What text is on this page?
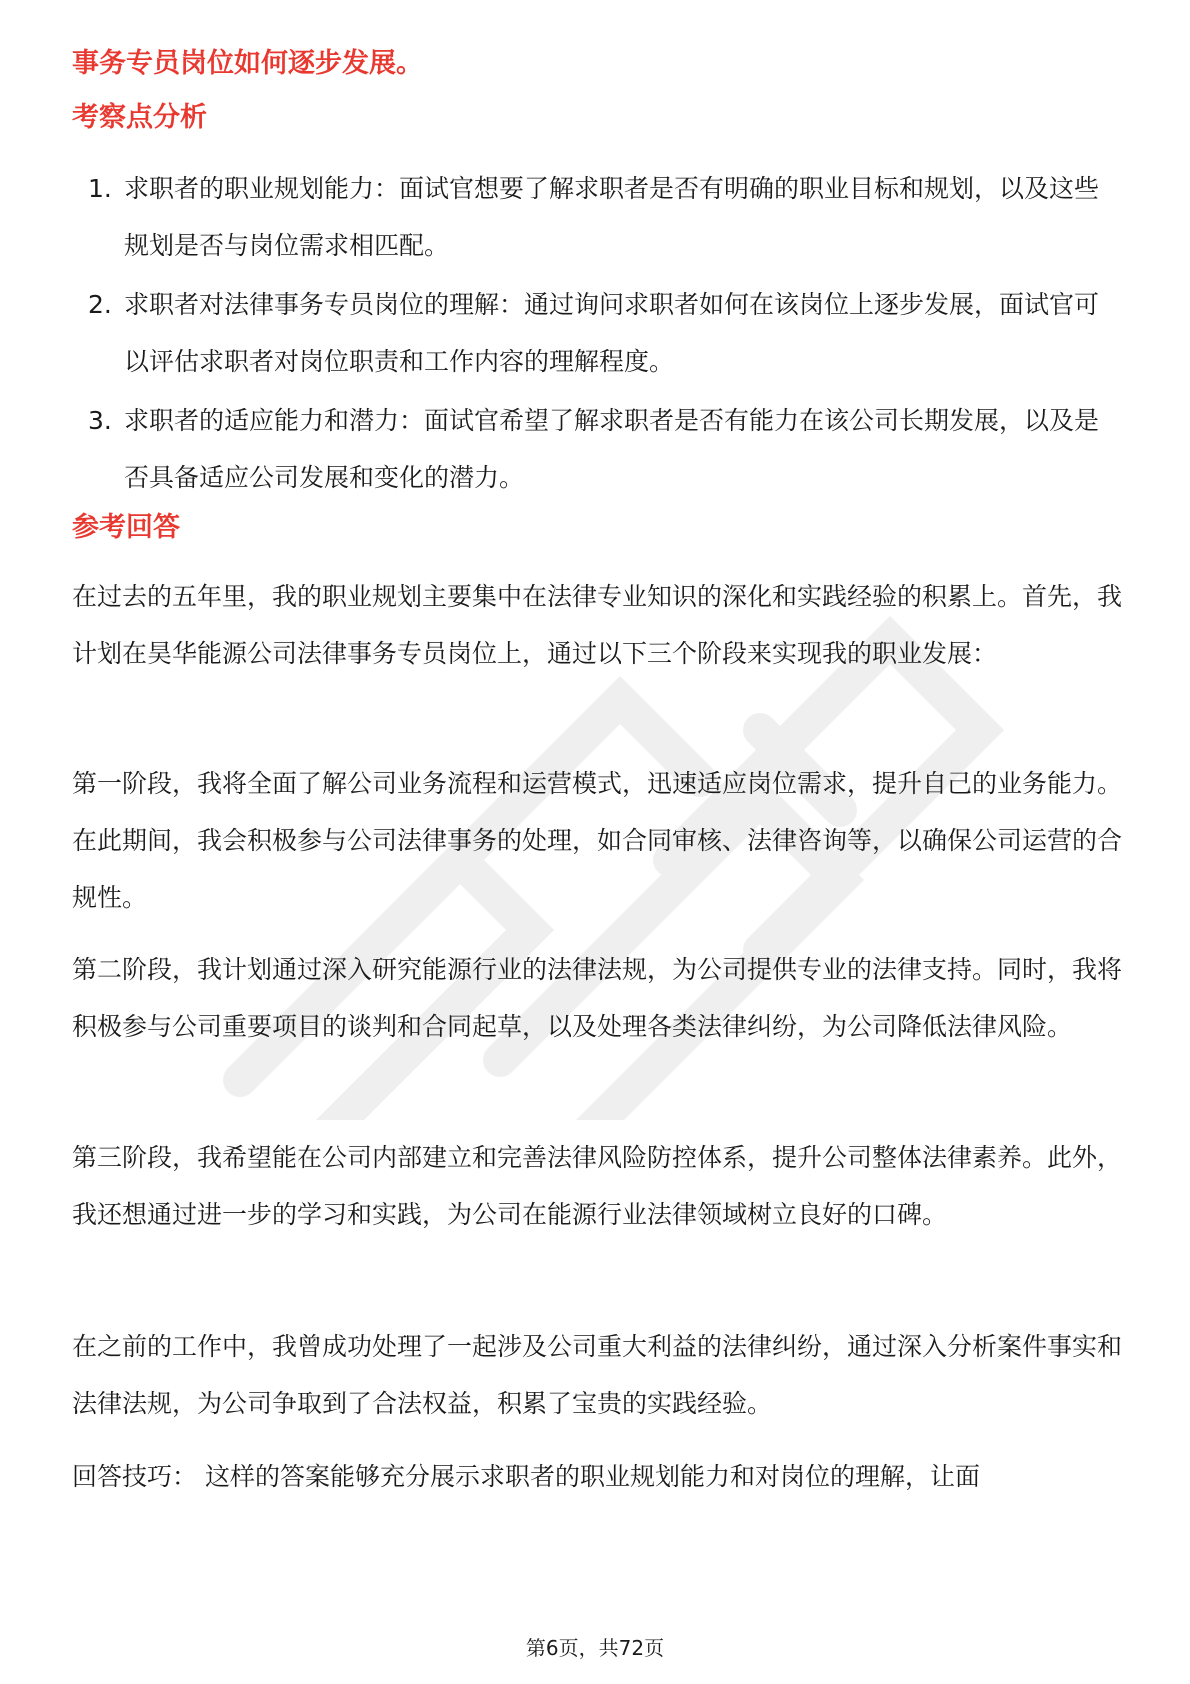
事务专员岗位如何逐步发展。
考察点分析
1. 求职者的职业规划能力：面试官想要了解求职者是否有明确的职业目标和规划，以及这些规划是否与岗位需求相匹配。
2. 求职者对法律事务专员岗位的理解：通过询问求职者如何在该岗位上逐步发展，面试官可以评估求职者对岗位职责和工作内容的理解程度。
3. 求职者的适应能力和潜力：面试官希望了解求职者是否有能力在该公司长期发展，以及是否具备适应公司发展和变化的潜力。
参考回答

在过去的五年里，我的职业规划主要集中在法律专业知识的深化和实践经验的积累上。首先，我计划在昊华能源公司法律事务专员岗位上，通过以下三个阶段来实现我的职业发展：

第一阶段，我将全面了解公司业务流程和运营模式，迅速适应岗位需求，提升自己的业务能力。在此期间，我会积极参与公司法律事务的处理，如合同审核、法律咨询等，以确保公司运营的合规性。

第二阶段，我计划通过深入研究能源行业的法律法规，为公司提供专业的法律支持。同时，我将积极参与公司重要项目的谈判和合同起草，以及处理各类法律纠纷，为公司降低法律风险。

第三阶段，我希望能在公司内部建立和完善法律风险防控体系，提升公司整体法律素养。此外，我还想通过进一步的学习和实践，为公司在能源行业法律领域树立良好的口碑。

在之前的工作中，我曾成功处理了一起涉及公司重大利益的法律纠纷，通过深入分析案件事实和法律法规，为公司争取到了合法权益，积累了宝贵的实践经验。

回答技巧： 这样的答案能够充分展示求职者的职业规划能力和对岗位的理解，让面

第6页，共72页
